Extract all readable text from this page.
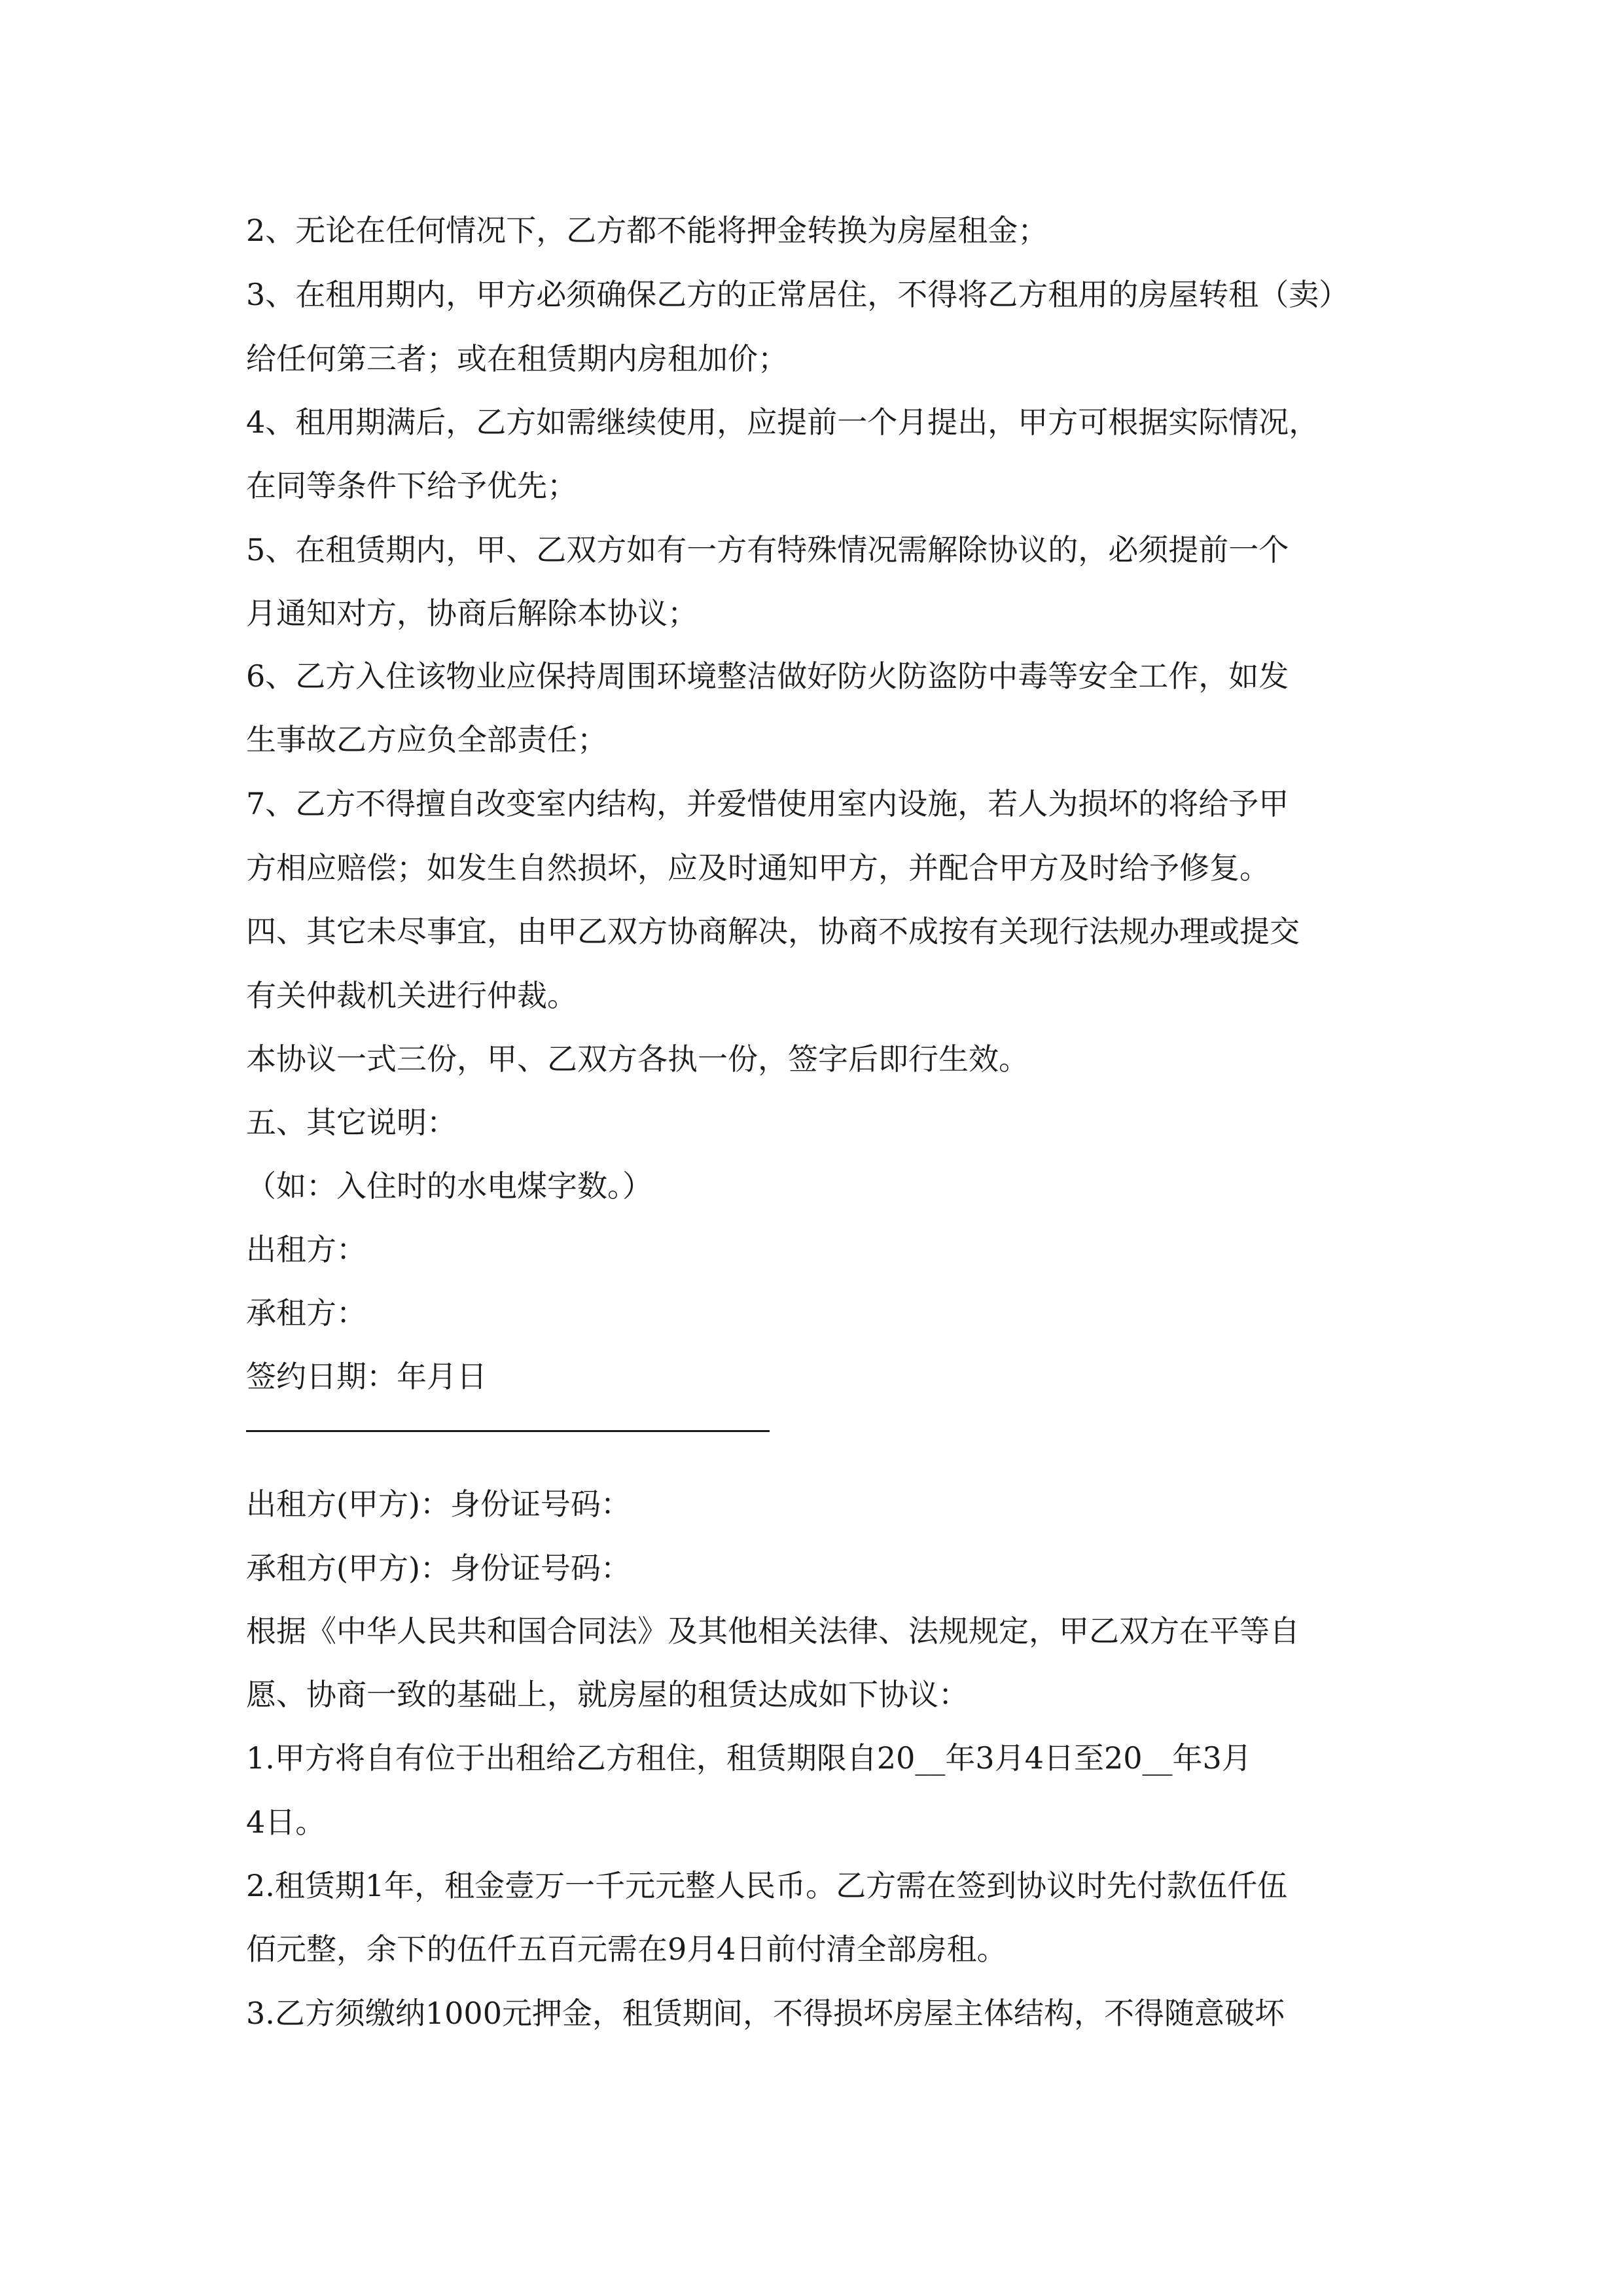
2、无论在任何情况下，乙方都不能将押金转换为房屋租金；
3、在租用期内，甲方必须确保乙方的正常居住，不得将乙方租用的房屋转租（卖）
给任何第三者；或在租赁期内房租加价；
4、租用期满后，乙方如需继续使用，应提前一个月提出，甲方可根据实际情况，
在同等条件下给予优先；
5、在租赁期内，甲、乙双方如有一方有特殊情况需解除协议的，必须提前一个
月通知对方，协商后解除本协议；
6、乙方入住该物业应保持周围环境整洁做好防火防盗防中毒等安全工作，如发
生事故乙方应负全部责任；
7、乙方不得擅自改变室内结构，并爱惜使用室内设施，若人为损坏的将给予甲
方相应赔偿；如发生自然损坏，应及时通知甲方，并配合甲方及时给予修复。
四、其它未尽事宜，由甲乙双方协商解决，协商不成按有关现行法规办理或提交
有关仲裁机关进行仲裁。
本协议一式三份，甲、乙双方各执一份，签字后即行生效。
五、其它说明：
（如：入住时的水电煤字数。）
出租方：
承租方：
签约日期：年月日
出租方(甲方)：身份证号码：
承租方(甲方)：身份证号码：
根据《中华人民共和国合同法》及其他相关法律、法规规定，甲乙双方在平等自
愿、协商一致的基础上，就房屋的租赁达成如下协议：
1.甲方将自有位于出租给乙方租住，租赁期限自20__年3月4日至20__年3月
4日。
2.租赁期1年，租金壹万一千元元整人民币。乙方需在签到协议时先付款伍仟伍
佰元整，余下的伍仟五百元需在9月4日前付清全部房租。
3.乙方须缴纳1000元押金，租赁期间，不得损坏房屋主体结构，不得随意破坏
